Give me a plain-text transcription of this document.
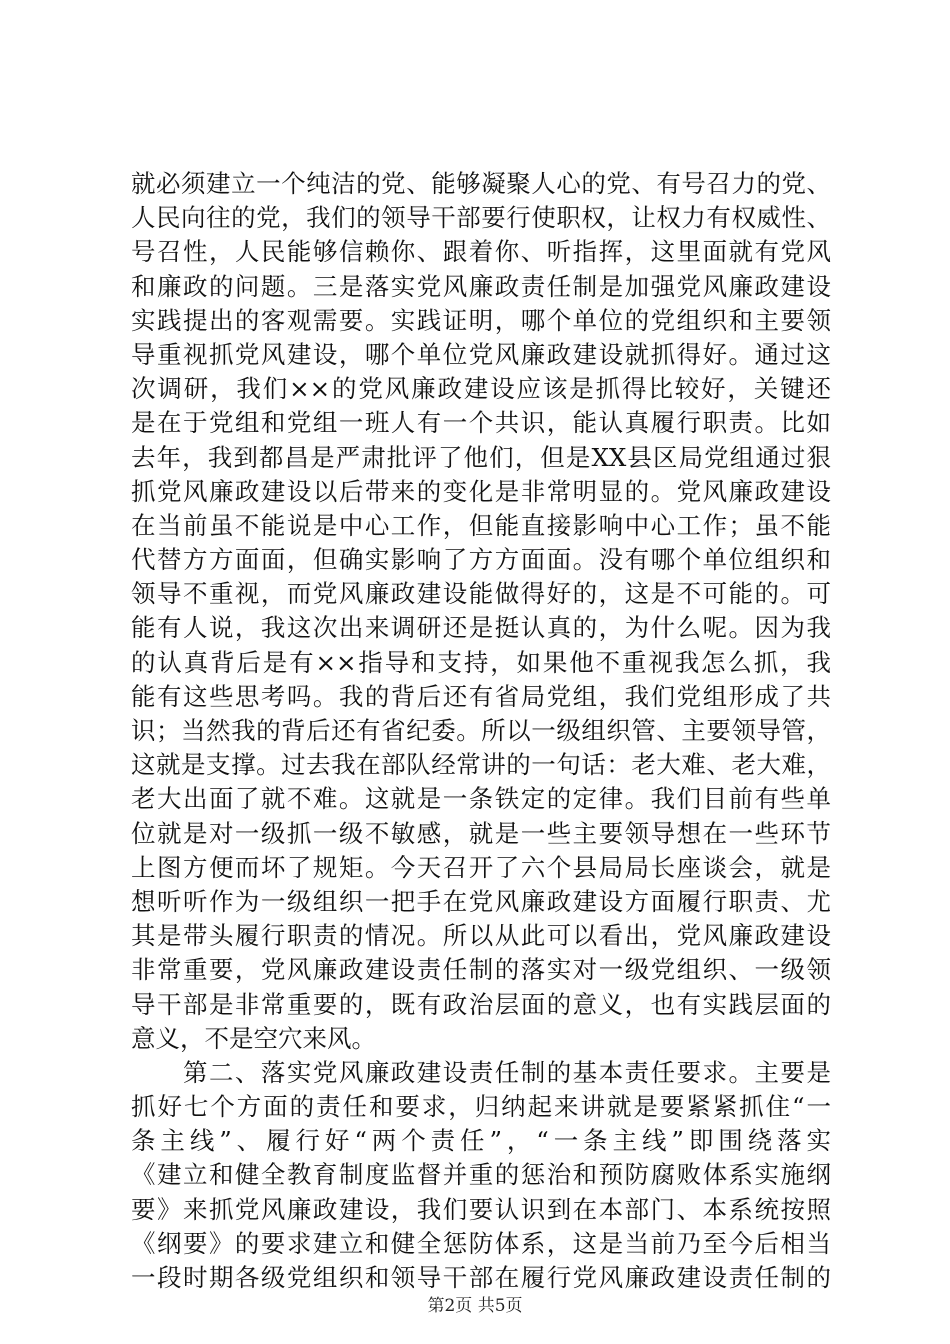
就必须建立一个纯洁的党、能够凝聚人心的党、有号召力的党、
人民向往的党，我们的领导干部要行使职权，让权力有权威性、
号召性，人民能够信赖你、跟着你、听指挥，这里面就有党风
和廉政的问题。三是落实党风廉政责任制是加强党风廉政建设
实践提出的客观需要。实践证明，哪个单位的党组织和主要领
导重视抓党风建设，哪个单位党风廉政建设就抓得好。通过这
次调研，我们××的党风廉政建设应该是抓得比较好，关键还
是在于党组和党组一班人有一个共识，能认真履行职责。比如
去年，我到都昌是严肃批评了他们，但是XX县区局党组通过狠
抓党风廉政建设以后带来的变化是非常明显的。党风廉政建设
在当前虽不能说是中心工作，但能直接影响中心工作；虽不能
代替方方面面，但确实影响了方方面面。没有哪个单位组织和
领导不重视，而党风廉政建设能做得好的，这是不可能的。可
能有人说，我这次出来调研还是挺认真的，为什么呢。因为我
的认真背后是有××指导和支持，如果他不重视我怎么抓，我
能有这些思考吗。我的背后还有省局党组，我们党组形成了共
识；当然我的背后还有省纪委。所以一级组织管、主要领导管，
这就是支撑。过去我在部队经常讲的一句话：老大难、老大难，
老大出面了就不难。这就是一条铁定的定律。我们目前有些单
位就是对一级抓一级不敏感，就是一些主要领导想在一些环节
上图方便而坏了规矩。今天召开了六个县局局长座谈会，就是
想听听作为一级组织一把手在党风廉政建设方面履行职责、尤
其是带头履行职责的情况。所以从此可以看出，党风廉政建设
非常重要，党风廉政建设责任制的落实对一级党组织、一级领
导干部是非常重要的，既有政治层面的意义，也有实践层面的
意义，不是空穴来风。
　　第二、落实党风廉政建设责任制的基本责任要求。主要是
抓好七个方面的责任和要求，归纳起来讲就是要紧紧抓住“一
条主线”、履行好“两个责任”，“一条主线”即围绕落实
《建立和健全教育制度监督并重的惩治和预防腐败体系实施纲
要》来抓党风廉政建设，我们要认识到在本部门、本系统按照
《纲要》的要求建立和健全惩防体系，这是当前乃至今后相当
一段时期各级党组织和领导干部在履行党风廉政建设责任制的
第2页 共5页
